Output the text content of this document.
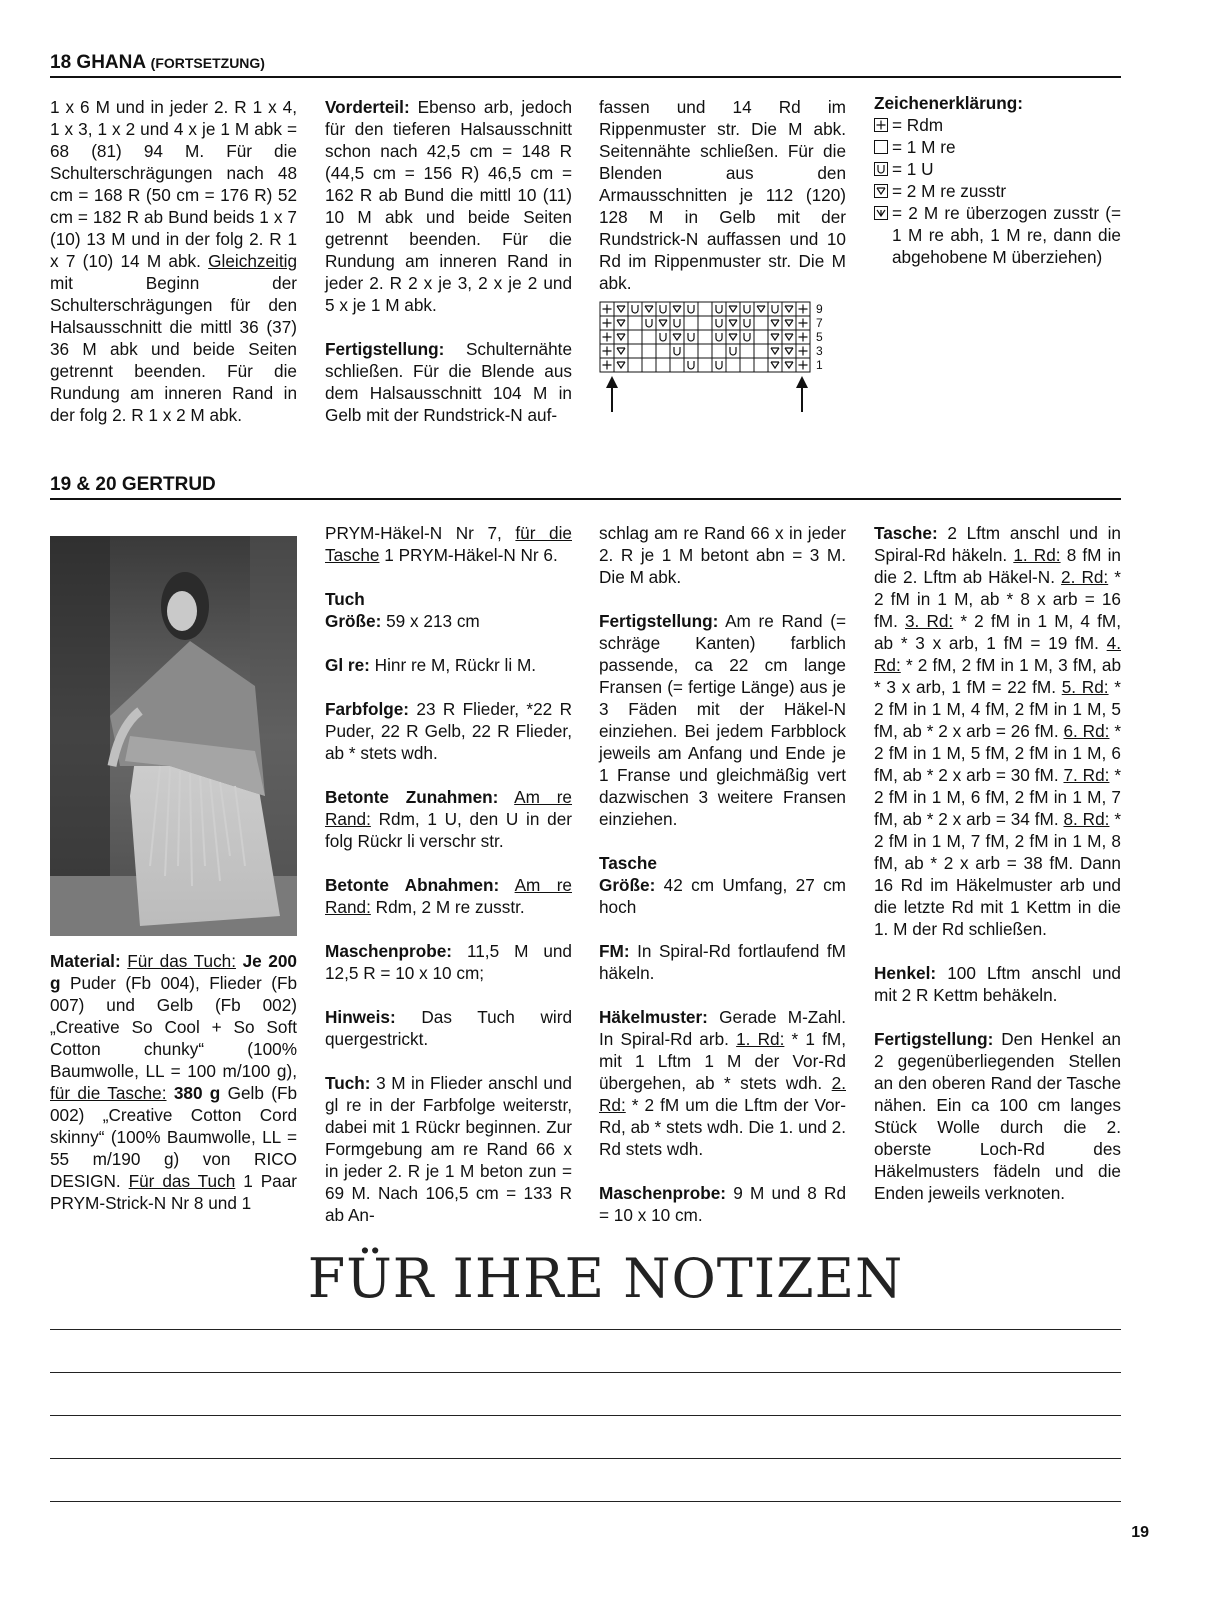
18 GHANA (FORTSETZUNG)

1 x 6 M und in jeder 2. R 1 x 4, 1 x 3, 1 x 2 und 4 x je 1 M abk = 68 (81) 94 M. Für die Schulterschrägungen nach 48 cm = 168 R (50 cm = 176 R) 52 cm = 182 R ab Bund beids 1 x 7 (10) 13 M und in der folg 2. R 1 x 7 (10) 14 M abk. Gleichzeitig mit Beginn der Schulterschrägungen für den Halsausschnitt die mittl 36 (37) 36 M abk und beide Seiten getrennt beenden. Für die Rundung am inneren Rand in der folg 2. R 1 x 2 M abk.

Vorderteil: Ebenso arb, jedoch für den tieferen Halsausschnitt schon nach 42,5 cm = 148 R (44,5 cm = 156 R) 46,5 cm = 162 R ab Bund die mittl 10 (11) 10 M abk und beide Seiten getrennt beenden. Für die Rundung am inneren Rand in jeder 2. R 2 x je 3, 2 x je 2 und 5 x je 1 M abk.

Fertigstellung: Schulternähte schließen. Für die Blende aus dem Halsausschnitt 104 M in Gelb mit der Rundstrick-N auf-

fassen und 14 Rd im Rippenmuster str. Die M abk. Seitennähte schließen. Für die Blenden aus den Armausschnitten je 112 (120) 128 M in Gelb mit der Rundstrick-N auffassen und 10 Rd im Rippenmuster str. Die M abk.

9
7
5
3
1
Zeichenerklärung:
= Rdm
= 1 M re
= 1 U
= 2 M re zusstr
= 2 M re überzogen zusstr (= 1 M re abh, 1 M re, dann die abgehobene M überziehen)
19 & 20 GERTRUD

Material: Für das Tuch: Je 200 g Puder (Fb 004), Flieder (Fb 007) und Gelb (Fb 002) „Creative So Cool + So Soft Cotton chunky“ (100% Baumwolle, LL = 100 m/100 g), für die Tasche: 380 g Gelb (Fb 002) „Creative Cotton Cord skinny“ (100% Baumwolle, LL = 55 m/190 g) von RICO DESIGN. Für das Tuch 1 Paar PRYM-Strick-N Nr 8 und 1

PRYM-Häkel-N Nr 7, für die Tasche 1 PRYM-Häkel-N Nr 6.

Tuch
Größe: 59 x 213 cm

Gl re: Hinr re M, Rückr li M.

Farbfolge: 23 R Flieder, *22 R Puder, 22 R Gelb, 22 R Flieder, ab * stets wdh.

Betonte Zunahmen: Am re Rand: Rdm, 1 U, den U in der folg Rückr li verschr str.

Betonte Abnahmen: Am re Rand: Rdm, 2 M re zusstr.

Maschenprobe: 11,5 M und 12,5 R = 10 x 10 cm;

Hinweis: Das Tuch wird quergestrickt.

Tuch: 3 M in Flieder anschl und gl re in der Farbfolge weiterstr, dabei mit 1 Rückr beginnen. Zur Formgebung am re Rand 66 x in jeder 2. R je 1 M beton zun = 69 M. Nach 106,5 cm = 133 R ab An-

schlag am re Rand 66 x in jeder 2. R je 1 M betont abn = 3 M. Die M abk.

Fertigstellung: Am re Rand (= schräge Kanten) farblich passende, ca 22 cm lange Fransen (= fertige Länge) aus je 3 Fäden mit der Häkel-N einziehen. Bei jedem Farbblock jeweils am Anfang und Ende je 1 Franse und gleichmäßig vert dazwischen 3 weitere Fransen einziehen.

Tasche
Größe: 42 cm Umfang, 27 cm hoch

FM: In Spiral-Rd fortlaufend fM häkeln.

Häkelmuster: Gerade M-Zahl. In Spiral-Rd arb. 1. Rd: * 1 fM, mit 1 Lftm 1 M der Vor-Rd übergehen, ab * stets wdh. 2. Rd: * 2 fM um die Lftm der Vor-Rd, ab * stets wdh. Die 1. und 2. Rd stets wdh.

Maschenprobe: 9 M und 8 Rd = 10 x 10 cm.

Tasche: 2 Lftm anschl und in Spiral-Rd häkeln. 1. Rd: 8 fM in die 2. Lftm ab Häkel-N. 2. Rd: * 2 fM in 1 M, ab * 8 x arb = 16 fM. 3. Rd: * 2 fM in 1 M, 4 fM, ab * 3 x arb, 1 fM = 19 fM. 4. Rd: * 2 fM, 2 fM in 1 M, 3 fM, ab * 3 x arb, 1 fM = 22 fM. 5. Rd: * 2 fM in 1 M, 4 fM, 2 fM in 1 M, 5 fM, ab * 2 x arb = 26 fM. 6. Rd: * 2 fM in 1 M, 5 fM, 2 fM in 1 M, 6 fM, ab * 2 x arb = 30 fM. 7. Rd: * 2 fM in 1 M, 6 fM, 2 fM in 1 M, 7 fM, ab * 2 x arb = 34 fM. 8. Rd: * 2 fM in 1 M, 7 fM, 2 fM in 1 M, 8 fM, ab * 2 x arb = 38 fM. Dann 16 Rd im Häkelmuster arb und die letzte Rd mit 1 Kettm in die 1. M der Rd schließen.

Henkel: 100 Lftm anschl und mit 2 R Kettm behäkeln.

Fertigstellung: Den Henkel an 2 gegenüberliegenden Stellen an den oberen Rand der Tasche nähen. Ein ca 100 cm langes Stück Wolle durch die 2. oberste Loch-Rd des Häkelmusters fädeln und die Enden jeweils verknoten.

FÜR IHRE NOTIZEN
19
